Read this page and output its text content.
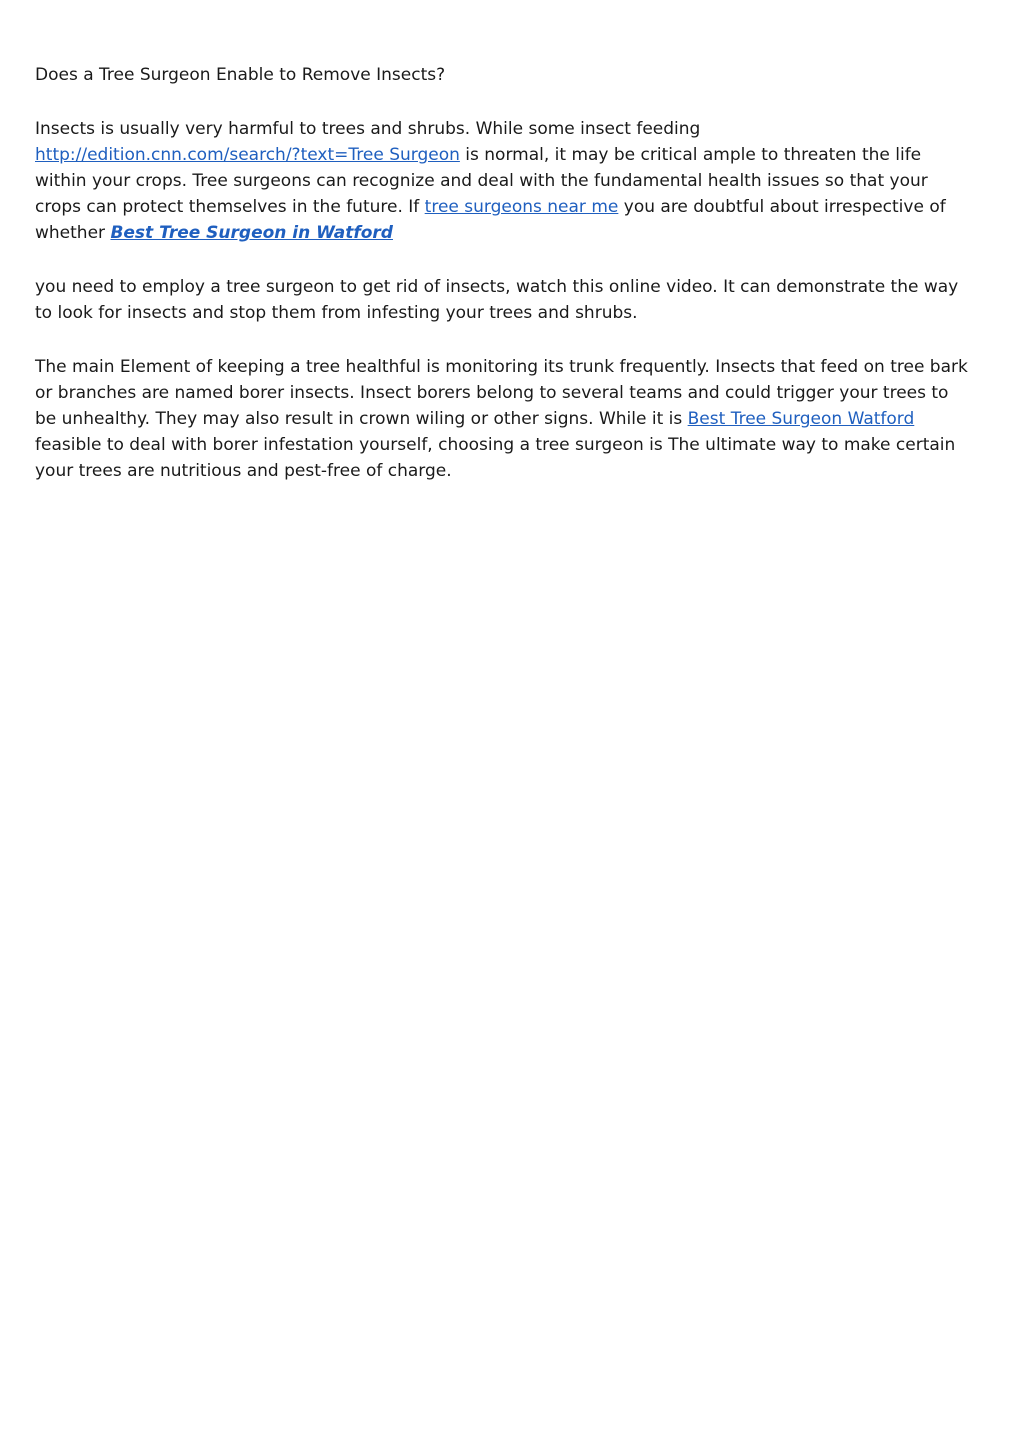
Does a Tree Surgeon Enable to Remove Insects?

Insects is usually very harmful to trees and shrubs. While some insect feeding
http://edition.cnn.com/search/?text=Tree Surgeon is normal, it may be critical ample to threaten the life within your crops. Tree surgeons can recognize and deal with the fundamental health issues so that your crops can protect themselves in the future. If tree surgeons near me you are doubtful about irrespective of whether Best Tree Surgeon in Watford

you need to employ a tree surgeon to get rid of insects, watch this online video. It can demonstrate the way to look for insects and stop them from infesting your trees and shrubs.

The main Element of keeping a tree healthful is monitoring its trunk frequently. Insects that feed on tree bark or branches are named borer insects. Insect borers belong to several teams and could trigger your trees to be unhealthy. They may also result in crown wiling or other signs. While it is Best Tree Surgeon Watford feasible to deal with borer infestation yourself, choosing a tree surgeon is The ultimate way to make certain your trees are nutritious and pest-free of charge.
